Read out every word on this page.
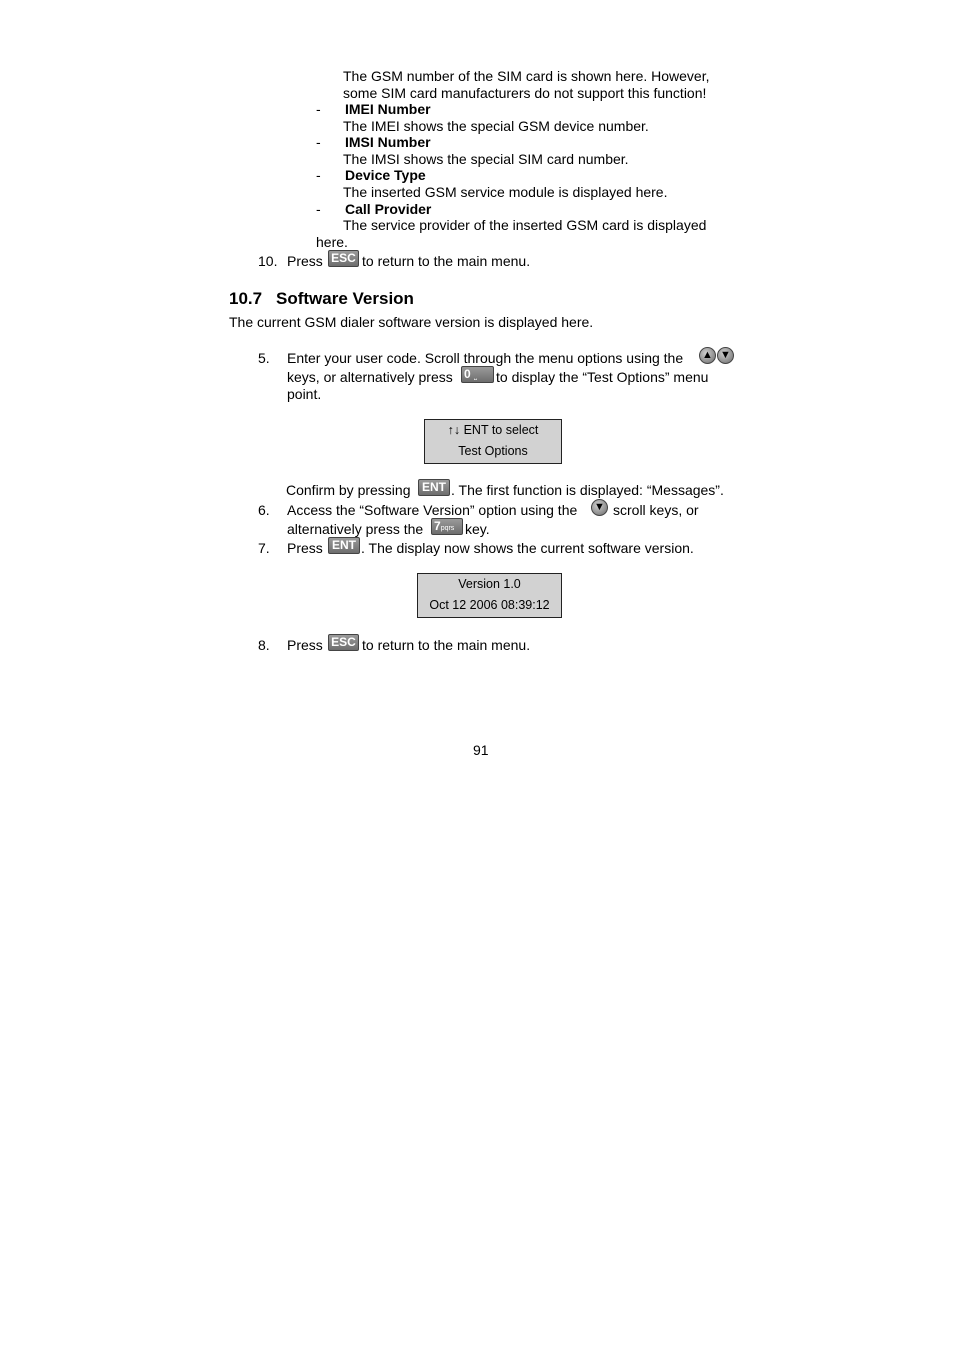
The GSM number of the SIM card is shown here. However,
some SIM card manufacturers do not support this function!
- IMEI Number
The IMEI shows the special GSM device number.
- IMSI Number
The IMSI shows the special SIM card number.
- Device Type
The inserted GSM service module is displayed here.
- Call Provider
The service provider of the inserted GSM card is displayed
here.
10. Press ESC to return to the main menu.
10.7 Software Version
The current GSM dialer software version is displayed here.
5. Enter your user code. Scroll through the menu options using the ▲ ▼
keys, or alternatively press 0 ⎵	to display the “Test Options” menu
point.
↑↓ ENT to select
Test Options
Confirm by pressing ENT . The first function is displayed: “Messages”.
6. Access the “Software Version” option using the ▼ scroll keys, or
alternatively press the 7pqrs key.
7. Press ENT . The display now shows the current software version.
Version 1.0
Oct 12 2006 08:39:12
8. Press ESC to return to the main menu.
91
